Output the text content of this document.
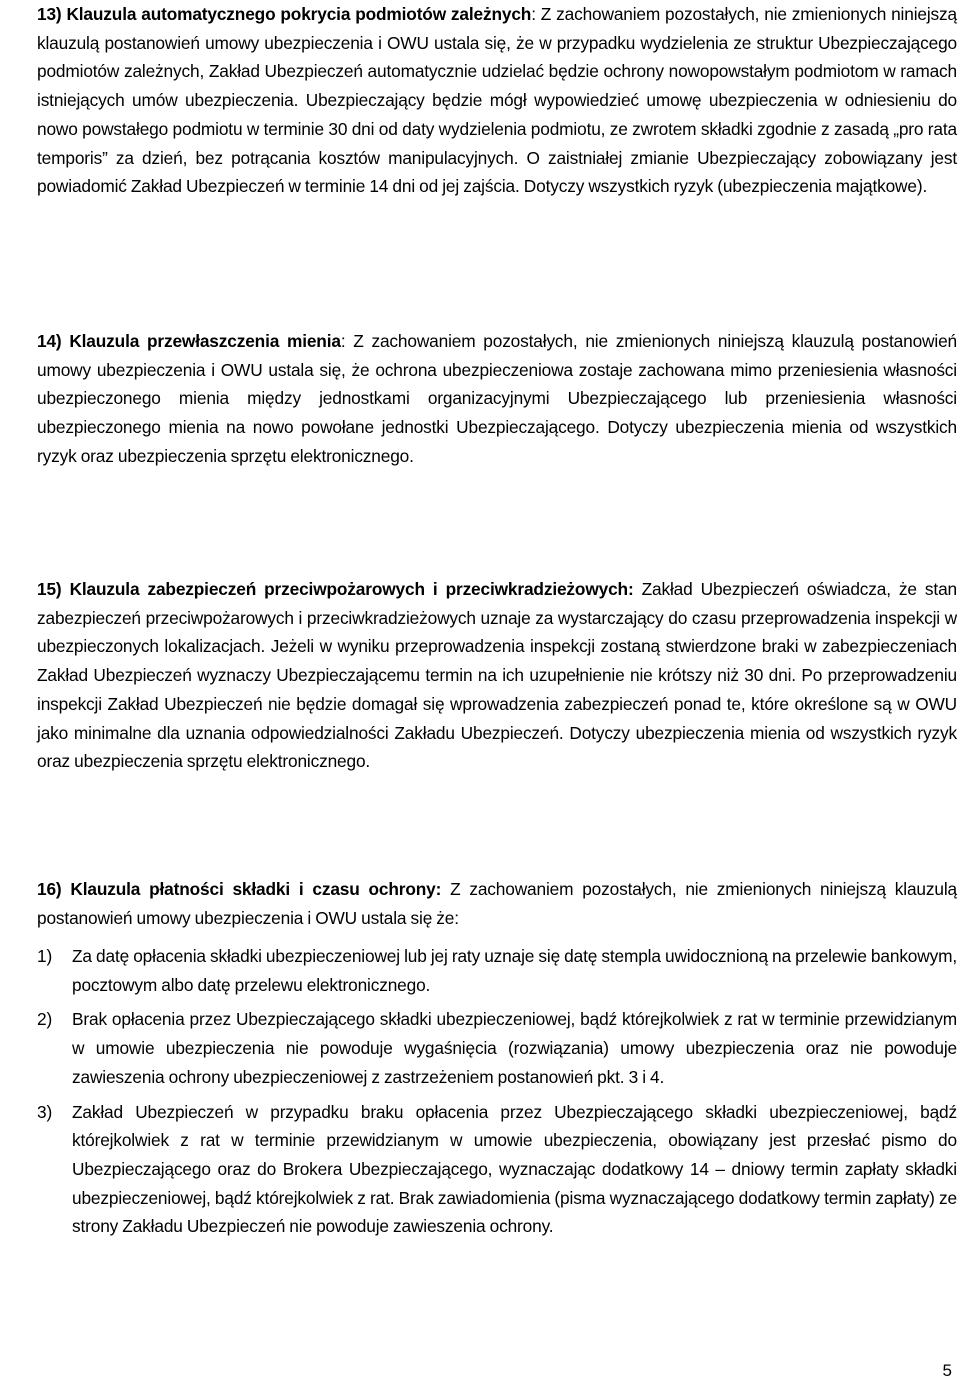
13) Klauzula automatycznego pokrycia podmiotów zależnych: Z zachowaniem pozostałych, nie zmienionych niniejszą klauzulą postanowień umowy ubezpieczenia i OWU ustala się, że w przypadku wydzielenia ze struktur Ubezpieczającego podmiotów zależnych, Zakład Ubezpieczeń automatycznie udzielać będzie ochrony nowopowstałym podmiotom w ramach istniejących umów ubezpieczenia. Ubezpieczający będzie mógł wypowiedzieć umowę ubezpieczenia w odniesieniu do nowo powstałego podmiotu w terminie 30 dni od daty wydzielenia podmiotu, ze zwrotem składki zgodnie z zasadą „pro rata temporis” za dzień, bez potrącania kosztów manipulacyjnych. O zaistniałej zmianie Ubezpieczający zobowiązany jest powiadomić Zakład Ubezpieczeń w terminie 14 dni od jej zajścia. Dotyczy wszystkich ryzyk (ubezpieczenia majątkowe).

14) Klauzula przewłaszczenia mienia: Z zachowaniem pozostałych, nie zmienionych niniejszą klauzulą postanowień umowy ubezpieczenia i OWU ustala się, że ochrona ubezpieczeniowa zostaje zachowana mimo przeniesienia własności ubezpieczonego mienia między jednostkami organizacyjnymi Ubezpieczającego lub przeniesienia własności ubezpieczonego mienia na nowo powołane jednostki Ubezpieczającego. Dotyczy ubezpieczenia mienia od wszystkich ryzyk oraz ubezpieczenia sprzętu elektronicznego.

15) Klauzula zabezpieczeń przeciwpożarowych i przeciwkradzieżowych: Zakład Ubezpieczeń oświadcza, że stan zabezpieczeń przeciwpożarowych i przeciwkradzieżowych uznaje za wystarczający do czasu przeprowadzenia inspekcji w ubezpieczonych lokalizacjach. Jeżeli w wyniku przeprowadzenia inspekcji zostaną stwierdzone braki w zabezpieczeniach Zakład Ubezpieczeń wyznaczy Ubezpieczającemu termin na ich uzupełnienie nie krótszy niż 30 dni. Po przeprowadzeniu inspekcji Zakład Ubezpieczeń nie będzie domagał się wprowadzenia zabezpieczeń ponad te, które określone są w OWU jako minimalne dla uznania odpowiedzialności Zakładu Ubezpieczeń. Dotyczy ubezpieczenia mienia od wszystkich ryzyk oraz ubezpieczenia sprzętu elektronicznego.

16) Klauzula płatności składki i czasu ochrony: Z zachowaniem pozostałych, nie zmienionych niniejszą klauzulą postanowień umowy ubezpieczenia i OWU ustala się że:

1) Za datę opłacenia składki ubezpieczeniowej lub jej raty uznaje się datę stempla uwidocznioną na przelewie bankowym, pocztowym albo datę przelewu elektronicznego.
2) Brak opłacenia przez Ubezpieczającego składki ubezpieczeniowej, bądź którejkolwiek z rat w terminie przewidzianym w umowie ubezpieczenia nie powoduje wygaśnięcia (rozwiązania) umowy ubezpieczenia oraz nie powoduje zawieszenia ochrony ubezpieczeniowej z zastrzeżeniem postanowień pkt. 3 i 4.
3) Zakład Ubezpieczeń w przypadku braku opłacenia przez Ubezpieczającego składki ubezpieczeniowej, bądź którejkolwiek z rat w terminie przewidzianym w umowie ubezpieczenia, obowiązany jest przesłać pismo do Ubezpieczającego oraz do Brokera Ubezpieczającego, wyznaczając dodatkowy 14 – dniowy termin zapłaty składki ubezpieczeniowej, bądź którejkolwiek z rat. Brak zawiadomienia (pisma wyznaczającego dodatkowy termin zapłaty) ze strony Zakładu Ubezpieczeń nie powoduje zawieszenia ochrony.
5
